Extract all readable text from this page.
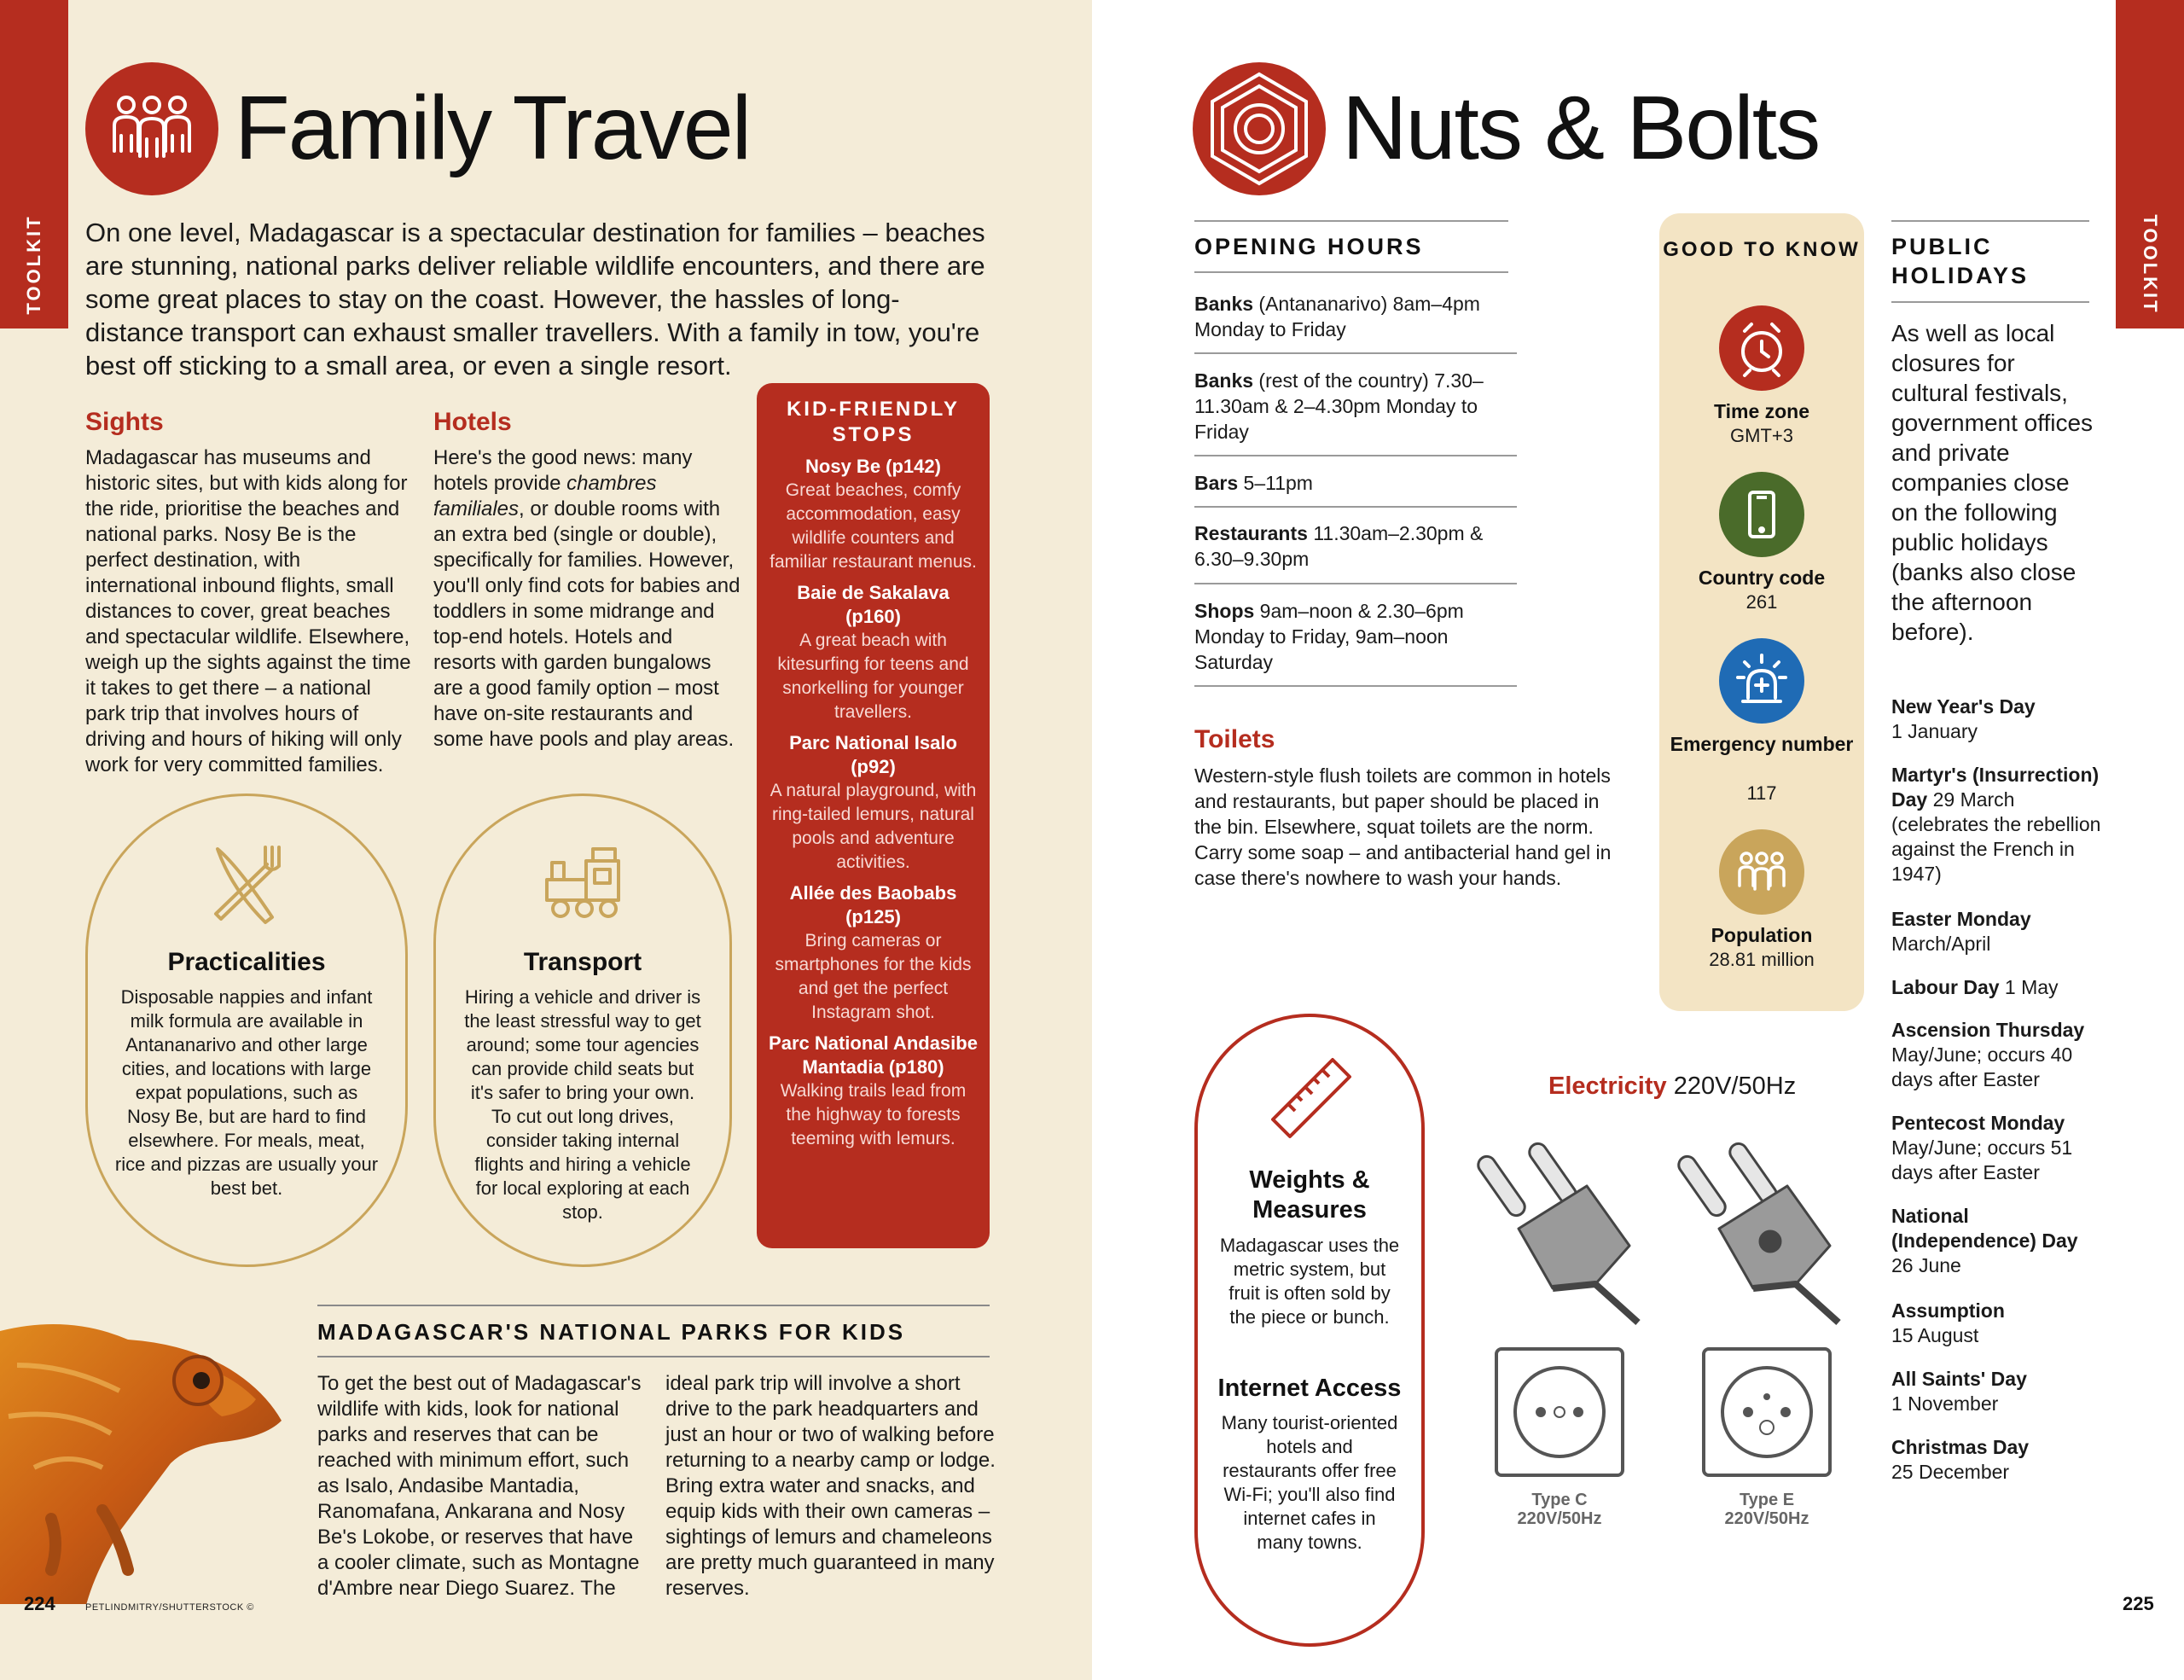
TOOLKIT
Family Travel

On one level, Madagascar is a spectacular destination for families – beaches are stunning, national parks deliver reliable wildlife encounters, and there are some great places to stay on the coast. However, the hassles of long-distance transport can exhaust smaller travellers. With a family in tow, you're best off sticking to a small area, or even a single resort.

Sights

Madagascar has museums and historic sites, but with kids along for the ride, prioritise the beaches and national parks. Nosy Be is the perfect destination, with international inbound flights, small distances to cover, great beaches and spectacular wildlife. Elsewhere, weigh up the sights against the time it takes to get there – a national park trip that involves hours of driving and hours of hiking will only work for very committed families.

Hotels

Here's the good news: many hotels provide chambres familiales, or double rooms with an extra bed (single or double), specifically for families. However, you'll only find cots for babies and toddlers in some midrange and top-end hotels. Hotels and resorts with garden bungalows are a good family option – most have on-site restaurants and some have pools and play areas.

KID-FRIENDLY STOPS
Nosy Be (p142)
Great beaches, comfy accommodation, easy wildlife counters and familiar restaurant menus.
Baie de Sakalava (p160)
A great beach with kitesurfing for teens and snorkelling for younger travellers.
Parc National Isalo (p92)
A natural playground, with ring-tailed lemurs, natural pools and adventure activities.
Allée des Baobabs (p125)
Bring cameras or smartphones for the kids and get the perfect Instagram shot.
Parc National Andasibe Mantadia (p180)
Walking trails lead from the highway to forests teeming with lemurs.
Practicalities

Disposable nappies and infant milk formula are available in Antananarivo and other large cities, and locations with large expat populations, such as Nosy Be, but are hard to find elsewhere. For meals, meat, rice and pizzas are usually your best bet.

Transport

Hiring a vehicle and driver is the least stressful way to get around; some tour agencies can provide child seats but it's safer to bring your own. To cut out long drives, consider taking internal flights and hiring a vehicle for local exploring at each stop.

MADAGASCAR'S NATIONAL PARKS FOR KIDS

To get the best out of Madagascar's wildlife with kids, look for national parks and reserves that can be reached with minimum effort, such as Isalo, Andasibe Mantadia, Ranomafana, Ankarana and Nosy Be's Lokobe, or reserves that have a cooler climate, such as Montagne d'Ambre near Diego Suarez. The

ideal park trip will involve a short drive to the park headquarters and just an hour or two of walking before returning to a nearby camp or lodge. Bring extra water and snacks, and equip kids with their own cameras – sightings of lemurs and chameleons are pretty much guaranteed in many reserves.

224	PETLINDMITRY/SHUTTERSTOCK ©
TOOLKIT
Nuts & Bolts
OPENING HOURS

Banks (Antananarivo) 8am–4pm Monday to Friday

Banks (rest of the country) 7.30–11.30am & 2–4.30pm Monday to Friday

Bars 5–11pm

Restaurants 11.30am–2.30pm & 6.30–9.30pm

Shops 9am–noon & 2.30–6pm Monday to Friday, 9am–noon Saturday

Toilets

Western-style flush toilets are common in hotels and restaurants, but paper should be placed in the bin. Elsewhere, squat toilets are the norm. Carry some soap – and antibacterial hand gel in case there's nowhere to wash your hands.

GOOD TO KNOW
Time zone
GMT+3
Country code
261
Emergency number
117
Population
28.81 million
PUBLIC HOLIDAYS

As well as local closures for cultural festivals, government offices and private companies close on the following public holidays (banks also close the afternoon before).

New Year's Day
1 January

Martyr's (Insurrection) Day 29 March (celebrates the rebellion against the French in 1947)

Easter Monday
March/April

Labour Day 1 May

Ascension Thursday
May/June; occurs 40 days after Easter

Pentecost Monday
May/June; occurs 51 days after Easter

National (Independence) Day
26 June

Assumption
15 August

All Saints' Day
1 November

Christmas Day
25 December

Weights & Measures

Madagascar uses the metric system, but fruit is often sold by the piece or bunch.

Internet Access

Many tourist-oriented hotels and restaurants offer free Wi-Fi; you'll also find internet cafes in many towns.

Electricity 220V/50Hz
Type C
220V/50Hz
Type E
220V/50Hz
225
